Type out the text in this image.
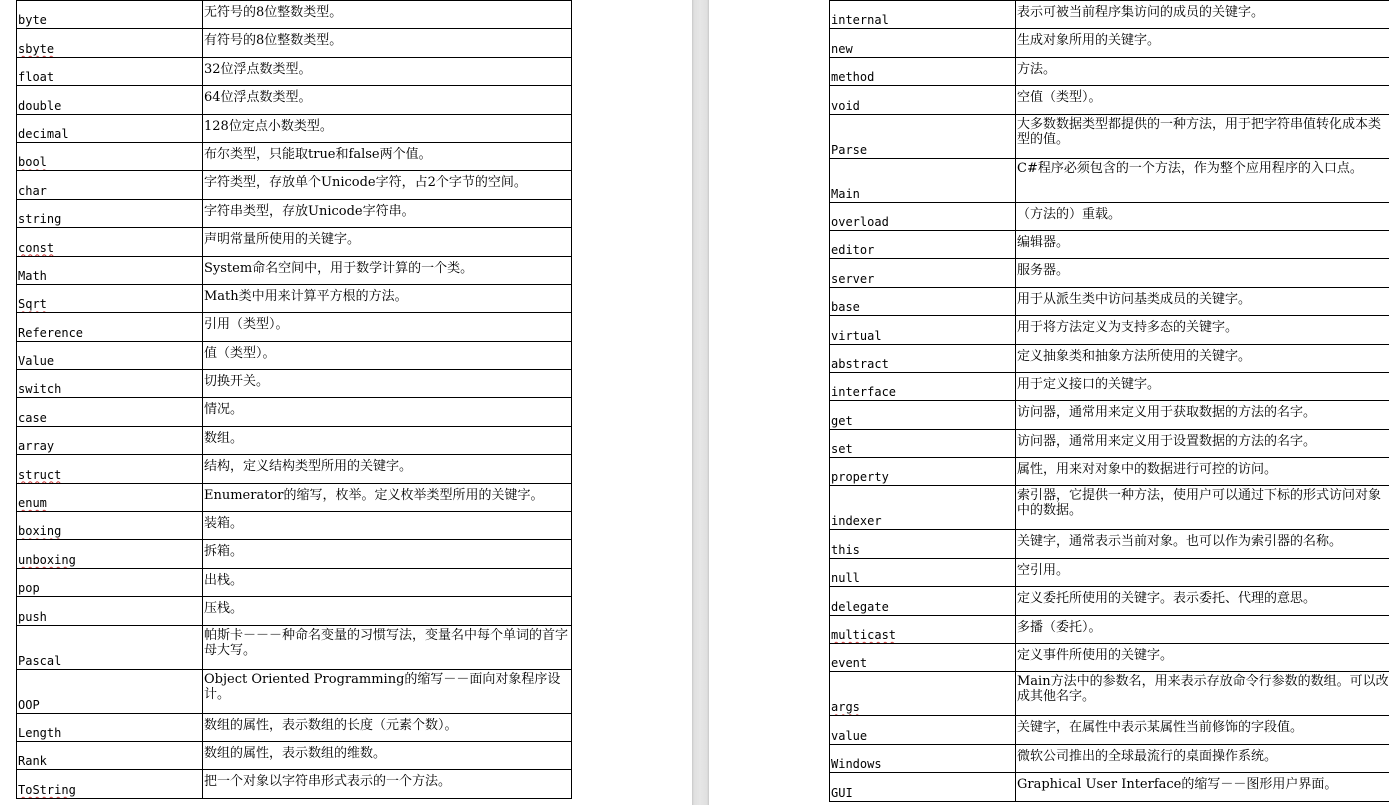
byte	无符号的8位整数类型。
sbyte	有符号的8位整数类型。
float	32位浮点数类型。
double	64位浮点数类型。
decimal	128位定点小数类型。
bool	布尔类型，只能取true和false两个值。
char	字符类型，存放单个Unicode字符，占2个字节的空间。
string	字符串类型，存放Unicode字符串。
const	声明常量所使用的关键字。
Math	System命名空间中，用于数学计算的一个类。
Sqrt	Math类中用来计算平方根的方法。
Reference	引用（类型）。
Value	值（类型）。
switch	切换开关。
case	情况。
array	数组。
struct	结构，定义结构类型所用的关键字。
enum	Enumerator的缩写，枚举。定义枚举类型所用的关键字。
boxing	装箱。
unboxing	拆箱。
pop	出栈。
push	压栈。
Pascal	帕斯卡－－－种命名变量的习惯写法，变量名中每个单词的首字母大写。
OOP	Object Oriented Programming的缩写－－面向对象程序设计。
Length	数组的属性，表示数组的长度（元素个数）。
Rank	数组的属性，表示数组的维数。
ToString	把一个对象以字符串形式表示的一个方法。
internal	表示可被当前程序集访问的成员的关键字。
new	生成对象所用的关键字。
method	方法。
void	空值（类型）。
Parse	大多数数据类型都提供的一种方法，用于把字符串值转化成本类型的值。
Main	C#程序必须包含的一个方法，作为整个应用程序的入口点。
overload	（方法的）重载。
editor	编辑器。
server	服务器。
base	用于从派生类中访问基类成员的关键字。
virtual	用于将方法定义为支持多态的关键字。
abstract	定义抽象类和抽象方法所使用的关键字。
interface	用于定义接口的关键字。
get	访问器，通常用来定义用于获取数据的方法的名字。
set	访问器，通常用来定义用于设置数据的方法的名字。
property	属性，用来对对象中的数据进行可控的访问。
indexer	索引器，它提供一种方法，使用户可以通过下标的形式访问对象中的数据。
this	关键字，通常表示当前对象。也可以作为索引器的名称。
null	空引用。
delegate	定义委托所使用的关键字。表示委托、代理的意思。
multicast	多播（委托）。
event	定义事件所使用的关键字。
args	Main方法中的参数名，用来表示存放命令行参数的数组。可以改成其他名字。
value	关键字，在属性中表示某属性当前修饰的字段值。
Windows	微软公司推出的全球最流行的桌面操作系统。
GUI	Graphical User Interface的缩写－－图形用户界面。
